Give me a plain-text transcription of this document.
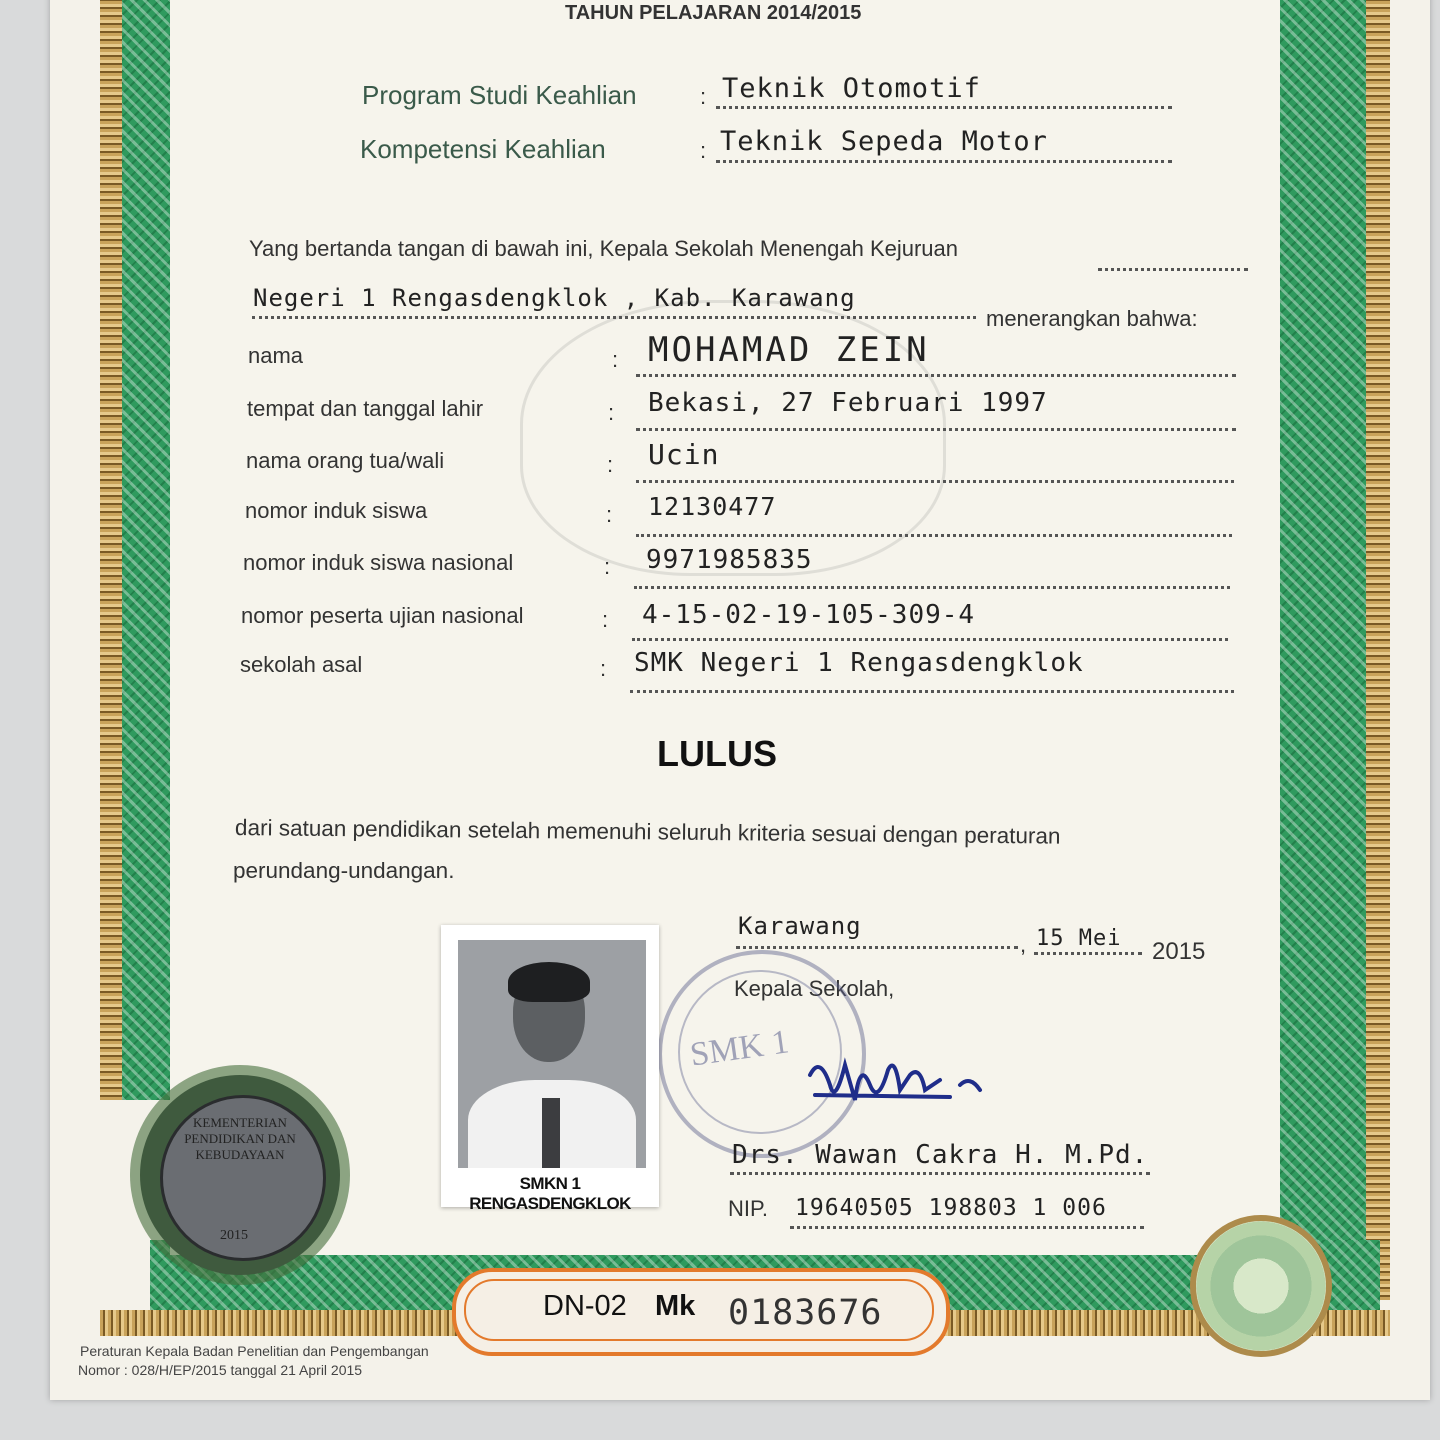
TAHUN PELAJARAN 2014/2015
Program Studi Keahlian	: Teknik Otomotif
Kompetensi Keahlian	: Teknik Sepeda Motor
Yang bertanda tangan di bawah ini, Kepala Sekolah Menengah Kejuruan
Negeri 1 Rengasdengklok , Kab. Karawang
menerangkan bahwa:
nama	: MOHAMAD ZEIN
tempat dan tanggal lahir	: Bekasi, 27 Februari 1997
nama orang tua/wali	: Ucin
nomor induk siswa	: 12130477
nomor induk siswa nasional	: 9971985835
nomor peserta ujian nasional	: 4-15-02-19-105-309-4
sekolah asal	: SMK Negeri 1 Rengasdengklok
LULUS
dari satuan pendidikan setelah memenuhi seluruh kriteria sesuai dengan peraturan
perundang-undangan.
Karawang
, 15 Mei 2015
Kepala Sekolah,
SMK 1
Drs. Wawan Cakra H. M.Pd.
NIP. 19640505 198803 1 006
SMKN 1 RENGASDENGKLOK
KEMENTERIAN PENDIDIKAN DAN KEBUDAYAAN
2015
DN-02 Mk 0183676
Peraturan Kepala Badan Penelitian dan Pengembangan
Nomor : 028/H/EP/2015 tanggal 21 April 2015
